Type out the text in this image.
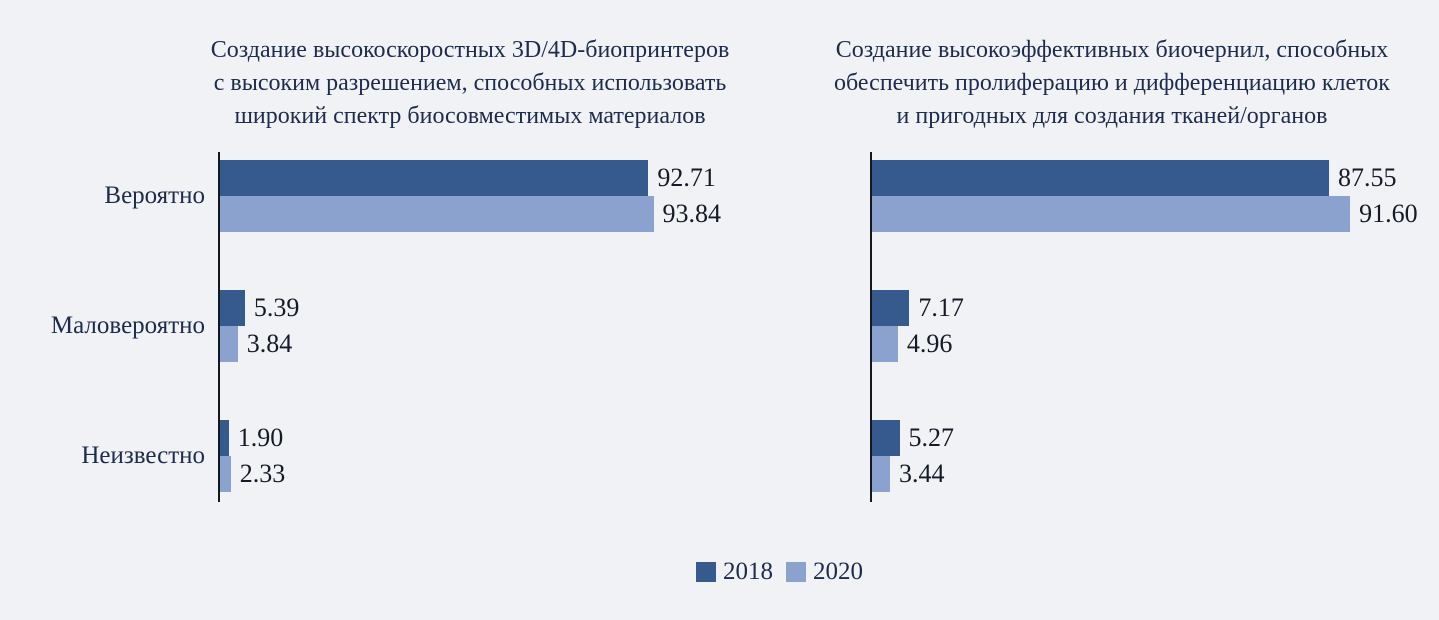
Создание высокоскоростных 3D/4D-биопринтеров
с высоким разрешением, способных использовать
широкий спектр биосовместимых материалов
Вероятно
Маловероятно
Неизвестно
92.71
93.84
5.39
3.84
1.90
2.33
Создание высокоэффективных биочернил, способных
обеспечить пролиферацию и дифференциацию клеток
и пригодных для создания тканей/органов
87.55
91.60
7.17
4.96
5.27
3.44
2018 2020
